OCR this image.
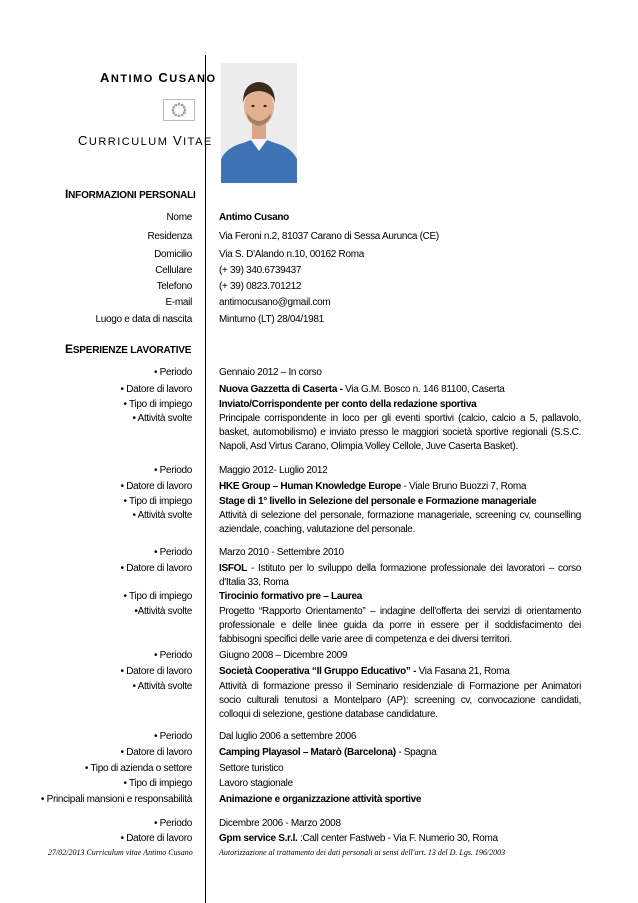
ANTIMO CUSANO
CURRICULUM VITAE
INFORMAZIONI PERSONALI
Nome	Antimo Cusano
Residenza	Via Feroni n.2, 81037 Carano di Sessa Aurunca (CE)
Domicilio	Via S. D'Alando n.10, 00162 Roma
Cellulare	(+ 39) 340.6739437
Telefono	(+ 39) 0823.701212
E-mail	antimocusano@gmail.com
Luogo e data di nascita	Minturno (LT) 28/04/1981
ESPERIENZE LAVORATIVE
• Periodo	Gennaio 2012 – In corso
• Datore di lavoro	Nuova Gazzetta di Caserta - Via G.M. Bosco n. 146 81100, Caserta
• Tipo di impiego	Inviato/Corrispondente per conto della redazione sportiva
• Attività svolte	Principale corrispondente in loco per gli eventi sportivi (calcio, calcio a 5, pallavolo, basket, automobilismo) e inviato presso le maggiori società sportive regionali (S.S.C. Napoli, Asd Virtus Carano, Olimpia Volley Cellole, Juve Caserta Basket).
• Periodo	Maggio 2012- Luglio 2012
• Datore di lavoro	HKE Group – Human Knowledge Europe - Viale Bruno Buozzi 7, Roma
• Tipo di impiego	Stage di 1° livello in Selezione del personale e Formazione manageriale
• Attività svolte	Attività di selezione del personale, formazione manageriale, screening cv, counselling aziendale, coaching, valutazione del personale.
• Periodo	Marzo 2010 - Settembre 2010
• Datore di lavoro	ISFOL - Istituto per lo sviluppo della formazione professionale dei lavoratori – corso d'Italia 33, Roma
• Tipo di impiego	Tirocinio formativo pre – Laurea
•Attività svolte	Progetto “Rapporto Orientamento” – indagine dell'offerta dei servizi di orientamento professionale e delle linee guida da porre in essere per il soddisfacimento dei fabbisogni specifici delle varie aree di competenza e dei diversi territori.
• Periodo	Giugno 2008 – Dicembre 2009
• Datore di lavoro	Società Cooperativa “Il Gruppo Educativo” - Via Fasana 21, Roma
• Attività svolte	Attività di formazione presso il Seminario residenziale di Formazione per Animatori socio culturali tenutosi a Montelparo (AP): screening cv, convocazione candidati, colloqui di selezione, gestione database candidature.
• Periodo	Dal luglio 2006 a settembre 2006
• Datore di lavoro	Camping Playasol – Matarò (Barcelona) - Spagna
• Tipo di azienda o settore	Settore turistico
• Tipo di impiego	Lavoro stagionale
• Principali mansioni e responsabilità	Animazione e organizzazione attività sportive
• Periodo	Dicembre 2006 - Marzo 2008
• Datore di lavoro	Gpm service S.r.l. :Call center Fastweb - Via F. Numerio 30, Roma
27/02/2013 Curriculum vitae Antimo Cusano	Autorizzazione al trattamento dei dati personali ai sensi dell'art. 13 del D. Lgs. 196/2003
